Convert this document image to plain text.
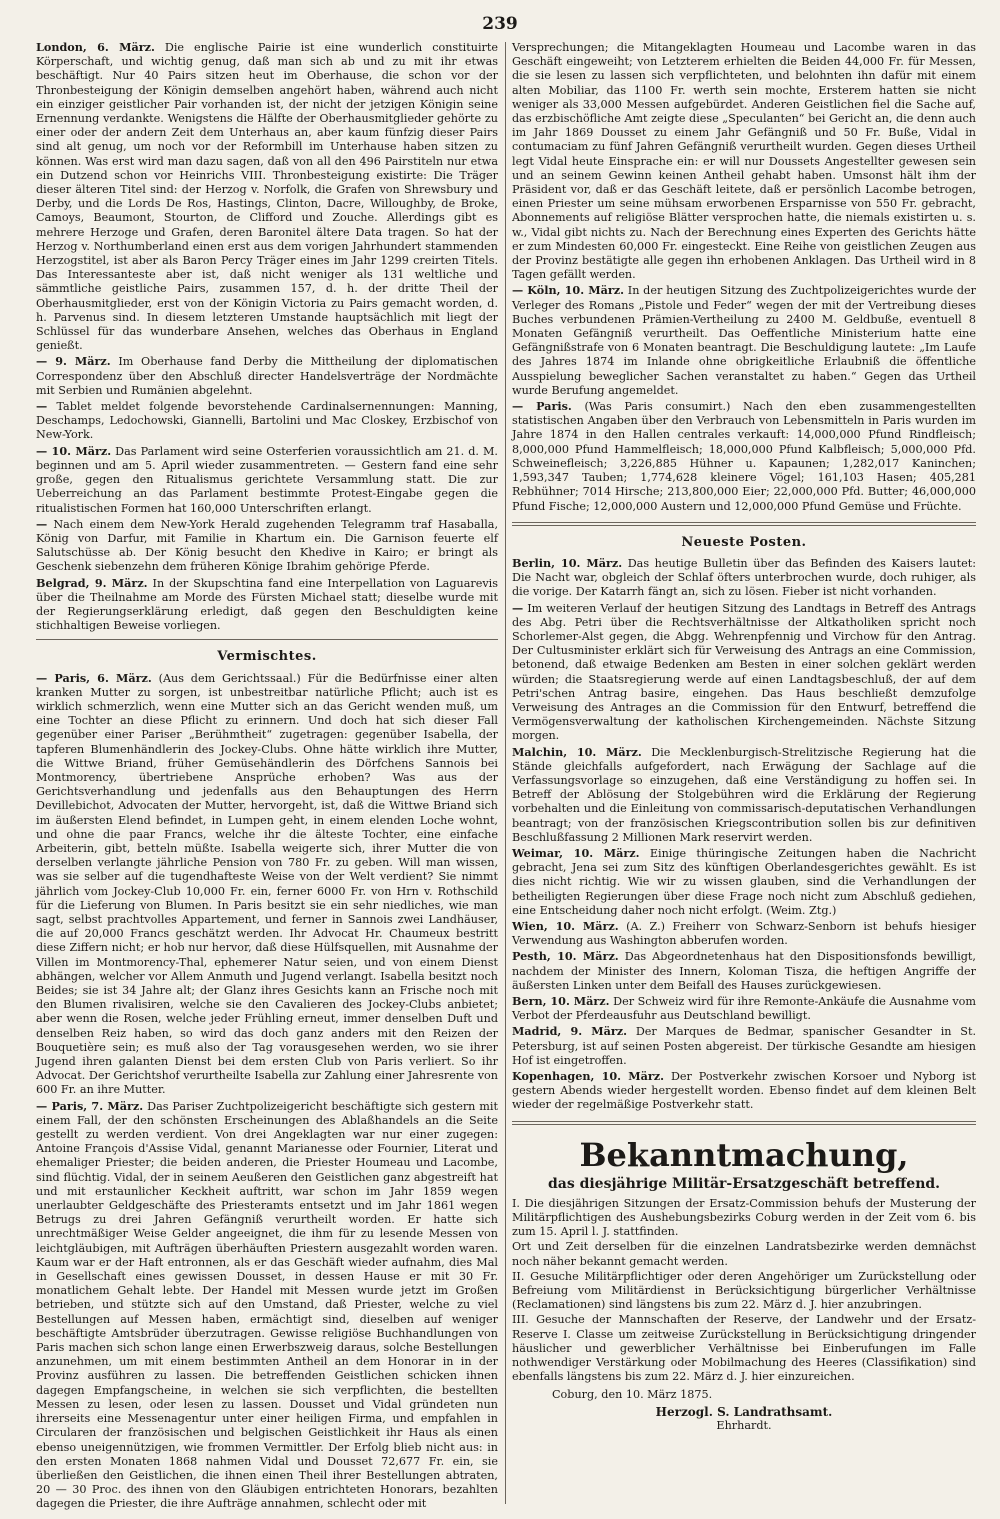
239

London, 6. März. Die englische Pairie ist eine wunderlich constituirte Körperschaft, und wichtig genug, daß man sich ab und zu mit ihr etwas beschäftigt. Nur 40 Pairs sitzen heut im Oberhause, die schon vor der Thronbesteigung der Königin demselben angehört haben, während auch nicht ein einziger geistlicher Pair vorhanden ist, der nicht der jetzigen Königin seine Ernennung verdankte. Wenigstens die Hälfte der Oberhausmitglieder gehörte zu einer oder der andern Zeit dem Unterhaus an, aber kaum fünfzig dieser Pairs sind alt genug, um noch vor der Reformbill im Unterhause haben sitzen zu können. Was erst wird man dazu sagen, daß von all den 496 Pairstiteln nur etwa ein Dutzend schon vor Heinrichs VIII. Thronbesteigung existirte: Die Träger dieser älteren Titel sind: der Herzog v. Norfolk, die Grafen von Shrewsbury und Derby, und die Lords De Ros, Hastings, Clinton, Dacre, Willoughby, de Broke, Camoys, Beaumont, Stourton, de Clifford und Zouche. Allerdings gibt es mehrere Herzoge und Grafen, deren Baronitel ältere Data tragen. So hat der Herzog v. Northumberland einen erst aus dem vorigen Jahrhundert stammenden Herzogstitel, ist aber als Baron Percy Träger eines im Jahr 1299 creirten Titels. Das Interessanteste aber ist, daß nicht weniger als 131 weltliche und sämmtliche geistliche Pairs, zusammen 157, d. h. der dritte Theil der Oberhausmitglieder, erst von der Königin Victoria zu Pairs gemacht worden, d. h. Parvenus sind. In diesem letzteren Umstande hauptsächlich mit liegt der Schlüssel für das wunderbare Ansehen, welches das Oberhaus in England genießt.

— 9. März. Im Oberhause fand Derby die Mittheilung der diplomatischen Correspondenz über den Abschluß directer Handelsverträge der Nordmächte mit Serbien und Rumänien abgelehnt.

— Tablet meldet folgende bevorstehende Cardinalsernennungen: Manning, Deschamps, Ledochowski, Giannelli, Bartolini und Mac Closkey, Erzbischof von New-York.

— 10. März. Das Parlament wird seine Osterferien voraussichtlich am 21. d. M. beginnen und am 5. April wieder zusammentreten. — Gestern fand eine sehr große, gegen den Ritualismus gerichtete Versammlung statt. Die zur Ueberreichung an das Parlament bestimmte Protest-Eingabe gegen die ritualistischen Formen hat 160,000 Unterschriften erlangt.

— Nach einem dem New-York Herald zugehenden Telegramm traf Hasaballa, König von Darfur, mit Familie in Khartum ein. Die Garnison feuerte elf Salutschüsse ab. Der König besucht den Khedive in Kairo; er bringt als Geschenk siebenzehn dem früheren Könige Ibrahim gehörige Pferde.

Belgrad, 9. März. In der Skupschtina fand eine Interpellation von Laguarevis über die Theilnahme am Morde des Fürsten Michael statt; dieselbe wurde mit der Regierungserklärung erledigt, daß gegen den Beschuldigten keine stichhaltigen Beweise vorliegen.

Vermischtes.

— Paris, 6. März. (Aus dem Gerichtssaal.) Für die Bedürfnisse einer alten kranken Mutter zu sorgen, ist unbestreitbar natürliche Pflicht; auch ist es wirklich schmerzlich, wenn eine Mutter sich an das Gericht wenden muß, um eine Tochter an diese Pflicht zu erinnern. Und doch hat sich dieser Fall gegenüber einer Pariser „Berühmtheit“ zugetragen: gegenüber Isabella, der tapferen Blumenhändlerin des Jockey-Clubs. Ohne hätte wirklich ihre Mutter, die Wittwe Briand, früher Gemüsehändlerin des Dörfchens Sannois bei Montmorency, übertriebene Ansprüche erhoben? Was aus der Gerichtsverhandlung und jedenfalls aus den Behauptungen des Herrn Devillebichot, Advocaten der Mutter, hervorgeht, ist, daß die Wittwe Briand sich im äußersten Elend befindet, in Lumpen geht, in einem elenden Loche wohnt, und ohne die paar Francs, welche ihr die älteste Tochter, eine einfache Arbeiterin, gibt, betteln müßte. Isabella weigerte sich, ihrer Mutter die von derselben verlangte jährliche Pension von 780 Fr. zu geben. Will man wissen, was sie selber auf die tugendhafteste Weise von der Welt verdient? Sie nimmt jährlich vom Jockey-Club 10,000 Fr. ein, ferner 6000 Fr. von Hrn v. Rothschild für die Lieferung von Blumen. In Paris besitzt sie ein sehr niedliches, wie man sagt, selbst prachtvolles Appartement, und ferner in Sannois zwei Landhäuser, die auf 20,000 Francs geschätzt werden. Ihr Advocat Hr. Chaumeux bestritt diese Ziffern nicht; er hob nur hervor, daß diese Hülfsquellen, mit Ausnahme der Villen im Montmorency-Thal, ephemerer Natur seien, und von einem Dienst abhängen, welcher vor Allem Anmuth und Jugend verlangt. Isabella besitzt noch Beides; sie ist 34 Jahre alt; der Glanz ihres Gesichts kann an Frische noch mit den Blumen rivalisiren, welche sie den Cavalieren des Jockey-Clubs anbietet; aber wenn die Rosen, welche jeder Frühling erneut, immer denselben Duft und denselben Reiz haben, so wird das doch ganz anders mit den Reizen der Bouquetière sein; es muß also der Tag vorausgesehen werden, wo sie ihrer Jugend ihren galanten Dienst bei dem ersten Club von Paris verliert. So ihr Advocat. Der Gerichtshof verurtheilte Isabella zur Zahlung einer Jahresrente von 600 Fr. an ihre Mutter.

— Paris, 7. März. Das Pariser Zuchtpolizeigericht beschäftigte sich gestern mit einem Fall, der den schönsten Erscheinungen des Ablaßhandels an die Seite gestellt zu werden verdient. Von drei Angeklagten war nur einer zugegen: Antoine François d'Assise Vidal, genannt Marianesse oder Fournier, Literat und ehemaliger Priester; die beiden anderen, die Priester Houmeau und Lacombe, sind flüchtig. Vidal, der in seinem Aeußeren den Geistlichen ganz abgestreift hat und mit erstaunlicher Keckheit auftritt, war schon im Jahr 1859 wegen unerlaubter Geldgeschäfte des Priesteramts entsetzt und im Jahr 1861 wegen Betrugs zu drei Jahren Gefängniß verurtheilt worden. Er hatte sich unrechtmäßiger Weise Gelder angeeignet, die ihm für zu lesende Messen von leichtgläubigen, mit Aufträgen überhäuften Priestern ausgezahlt worden waren. Kaum war er der Haft entronnen, als er das Geschäft wieder aufnahm, dies Mal in Gesellschaft eines gewissen Dousset, in dessen Hause er mit 30 Fr. monatlichem Gehalt lebte. Der Handel mit Messen wurde jetzt im Großen betrieben, und stützte sich auf den Umstand, daß Priester, welche zu viel Bestellungen auf Messen haben, ermächtigt sind, dieselben auf weniger beschäftigte Amtsbrüder überzutragen. Gewisse religiöse Buchhandlungen von Paris machen sich schon lange einen Erwerbszweig daraus, solche Bestellungen anzunehmen, um mit einem bestimmten Antheil an dem Honorar in in der Provinz ausführen zu lassen. Die betreffenden Geistlichen schicken ihnen dagegen Empfangscheine, in welchen sie sich verpflichten, die bestellten Messen zu lesen, oder lesen zu lassen. Dousset und Vidal gründeten nun ihrerseits eine Messenagentur unter einer heiligen Firma, und empfahlen in Circularen der französischen und belgischen Geistlichkeit ihr Haus als einen ebenso uneigennützigen, wie frommen Vermittler. Der Erfolg blieb nicht aus: in den ersten Monaten 1868 nahmen Vidal und Dousset 72,677 Fr. ein, sie überließen den Geistlichen, die ihnen einen Theil ihrer Bestellungen abtraten, 20 — 30 Proc. des ihnen von den Gläubigen entrichteten Honorars, bezahlten dagegen die Priester, die ihre Aufträge annahmen, schlecht oder mit

Versprechungen; die Mitangeklagten Houmeau und Lacombe waren in das Geschäft eingeweiht; von Letzterem erhielten die Beiden 44,000 Fr. für Messen, die sie lesen zu lassen sich verpflichteten, und belohnten ihn dafür mit einem alten Mobiliar, das 1100 Fr. werth sein mochte, Ersterem hatten sie nicht weniger als 33,000 Messen aufgebürdet. Anderen Geistlichen fiel die Sache auf, das erzbischöfliche Amt zeigte diese „Speculanten“ bei Gericht an, die denn auch im Jahr 1869 Dousset zu einem Jahr Gefängniß und 50 Fr. Buße, Vidal in contumaciam zu fünf Jahren Gefängniß verurtheilt wurden. Gegen dieses Urtheil legt Vidal heute Einsprache ein: er will nur Doussets Angestellter gewesen sein und an seinem Gewinn keinen Antheil gehabt haben. Umsonst hält ihm der Präsident vor, daß er das Geschäft leitete, daß er persönlich Lacombe betrogen, einen Priester um seine mühsam erworbenen Ersparnisse von 550 Fr. gebracht, Abonnements auf religiöse Blätter versprochen hatte, die niemals existirten u. s. w., Vidal gibt nichts zu. Nach der Berechnung eines Experten des Gerichts hätte er zum Mindesten 60,000 Fr. eingesteckt. Eine Reihe von geistlichen Zeugen aus der Provinz bestätigte alle gegen ihn erhobenen Anklagen. Das Urtheil wird in 8 Tagen gefällt werden.

— Köln, 10. März. In der heutigen Sitzung des Zuchtpolizeigerichtes wurde der Verleger des Romans „Pistole und Feder“ wegen der mit der Vertreibung dieses Buches verbundenen Prämien-Vertheilung zu 2400 M. Geldbuße, eventuell 8 Monaten Gefängniß verurtheilt. Das Oeffentliche Ministerium hatte eine Gefängnißstrafe von 6 Monaten beantragt. Die Beschuldigung lautete: „Im Laufe des Jahres 1874 im Inlande ohne obrigkeitliche Erlaubniß die öffentliche Ausspielung beweglicher Sachen veranstaltet zu haben.“ Gegen das Urtheil wurde Berufung angemeldet.

— Paris. (Was Paris consumirt.) Nach den eben zusammengestellten statistischen Angaben über den Verbrauch von Lebensmitteln in Paris wurden im Jahre 1874 in den Hallen centrales verkauft: 14,000,000 Pfund Rindfleisch; 8,000,000 Pfund Hammelfleisch; 18,000,000 Pfund Kalbfleisch; 5,000,000 Pfd. Schweinefleisch; 3,226,885 Hühner u. Kapaunen; 1,282,017 Kaninchen; 1,593,347 Tauben; 1,774,628 kleinere Vögel; 161,103 Hasen; 405,281 Rebhühner; 7014 Hirsche; 213,800,000 Eier; 22,000,000 Pfd. Butter; 46,000,000 Pfund Fische; 12,000,000 Austern und 12,000,000 Pfund Gemüse und Früchte.

Neueste Posten.

Berlin, 10. März. Das heutige Bulletin über das Befinden des Kaisers lautet: Die Nacht war, obgleich der Schlaf öfters unterbrochen wurde, doch ruhiger, als die vorige. Der Katarrh fängt an, sich zu lösen. Fieber ist nicht vorhanden.

— Im weiteren Verlauf der heutigen Sitzung des Landtags in Betreff des Antrags des Abg. Petri über die Rechtsverhältnisse der Altkatholiken spricht noch Schorlemer-Alst gegen, die Abgg. Wehrenpfennig und Virchow für den Antrag. Der Cultusminister erklärt sich für Verweisung des Antrags an eine Commission, betonend, daß etwaige Bedenken am Besten in einer solchen geklärt werden würden; die Staatsregierung werde auf einen Landtagsbeschluß, der auf dem Petri'schen Antrag basire, eingehen. Das Haus beschließt demzufolge Verweisung des Antrages an die Commission für den Entwurf, betreffend die Vermögensverwaltung der katholischen Kirchengemeinden. Nächste Sitzung morgen.

Malchin, 10. März. Die Mecklenburgisch-Strelitzische Regierung hat die Stände gleichfalls aufgefordert, nach Erwägung der Sachlage auf die Verfassungsvorlage so einzugehen, daß eine Verständigung zu hoffen sei. In Betreff der Ablösung der Stolgebühren wird die Erklärung der Regierung vorbehalten und die Einleitung von commissarisch-deputatischen Verhandlungen beantragt; von der französischen Kriegscontribution sollen bis zur definitiven Beschlußfassung 2 Millionen Mark reservirt werden.

Weimar, 10. März. Einige thüringische Zeitungen haben die Nachricht gebracht, Jena sei zum Sitz des künftigen Oberlandesgerichtes gewählt. Es ist dies nicht richtig. Wie wir zu wissen glauben, sind die Verhandlungen der betheiligten Regierungen über diese Frage noch nicht zum Abschluß gediehen, eine Entscheidung daher noch nicht erfolgt. (Weim. Ztg.)

Wien, 10. März. (A. Z.) Freiherr von Schwarz-Senborn ist behufs hiesiger Verwendung aus Washington abberufen worden.

Pesth, 10. März. Das Abgeordnetenhaus hat den Dispositionsfonds bewilligt, nachdem der Minister des Innern, Koloman Tisza, die heftigen Angriffe der äußersten Linken unter dem Beifall des Hauses zurückgewiesen.

Bern, 10. März. Der Schweiz wird für ihre Remonte-Ankäufe die Ausnahme vom Verbot der Pferdeausfuhr aus Deutschland bewilligt.

Madrid, 9. März. Der Marques de Bedmar, spanischer Gesandter in St. Petersburg, ist auf seinen Posten abgereist. Der türkische Gesandte am hiesigen Hof ist eingetroffen.

Kopenhagen, 10. März. Der Postverkehr zwischen Korsoer und Nyborg ist gestern Abends wieder hergestellt worden. Ebenso findet auf dem kleinen Belt wieder der regelmäßige Postverkehr statt.

Bekanntmachung,
das diesjährige Militär-Ersatzgeschäft betreffend.

I. Die diesjährigen Sitzungen der Ersatz-Commission behufs der Musterung der Militärpflichtigen des Aushebungsbezirks Coburg werden in der Zeit vom 6. bis zum 15. April l. J. stattfinden.

Ort und Zeit derselben für die einzelnen Landratsbezirke werden demnächst noch näher bekannt gemacht werden.

II. Gesuche Militärpflichtiger oder deren Angehöriger um Zurückstellung oder Befreiung vom Militärdienst in Berücksichtigung bürgerlicher Verhältnisse (Reclamationen) sind längstens bis zum 22. März d. J. hier anzubringen.

III. Gesuche der Mannschaften der Reserve, der Landwehr und der Ersatz-Reserve I. Classe um zeitweise Zurückstellung in Berücksichtigung dringender häuslicher und gewerblicher Verhältnisse bei Einberufungen im Falle nothwendiger Verstärkung oder Mobilmachung des Heeres (Classifikation) sind ebenfalls längstens bis zum 22. März d. J. hier einzureichen.

Coburg, den 10. März 1875.
Herzogl. S. Landrathsamt.
Ehrhardt.
